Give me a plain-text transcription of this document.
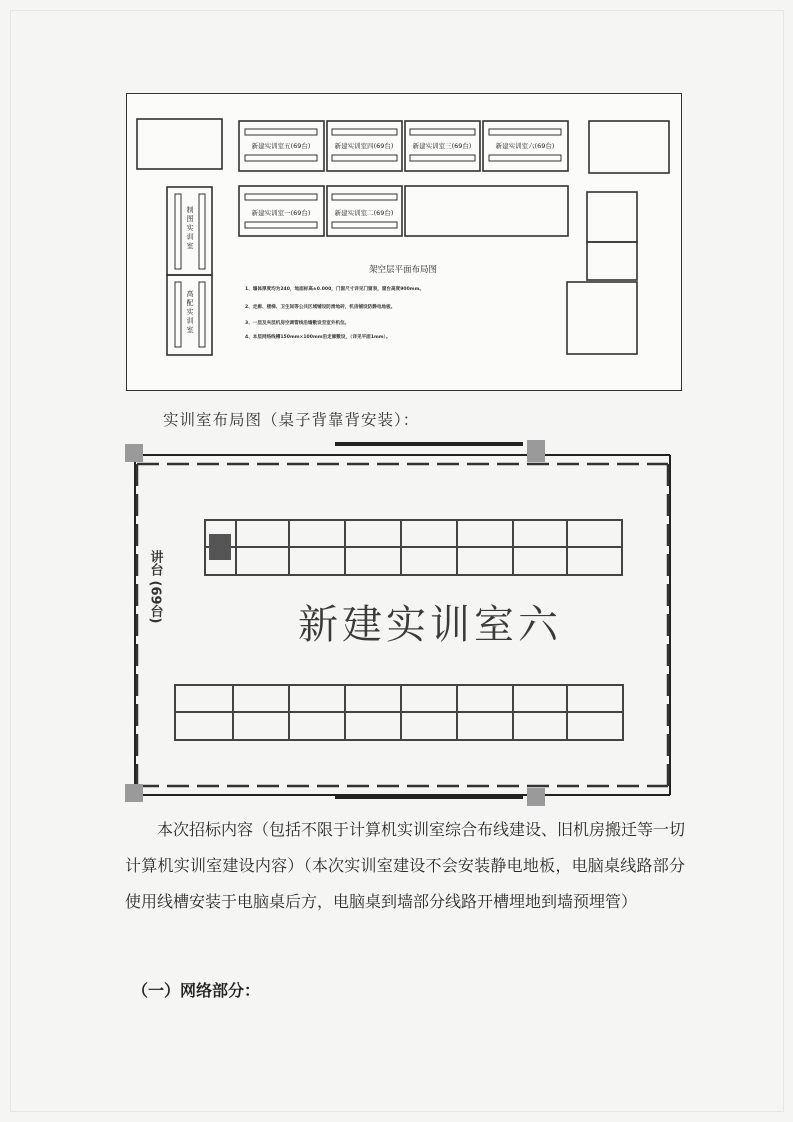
新建实训室五(69台)	新建实训室四(69台)	新建实训室三(69台)	新建实训室六(69台)
新建实训室一(69台)	新建实训室二(69台)
制图实训室
高配实训室
架空层平面布局图
1、墙体厚度均为240，地面标高±0.000，门窗尺寸详见门窗表，窗台高度900mm。
2、走廊、楼梯、卫生间等公共区域铺设防滑地砖，机房铺设防静电地板。
3、一层及夹层机房空调管线沿墙敷设至室外机位。
4、本层网络线槽150mm×100mm沿走廊敷设，（详见平面1mm）。
实训室布局图（桌子背靠背安装）：
新建实训室六
讲台 (69台)
本次招标内容（包括不限于计算机实训室综合布线建设、旧机房搬迁等一切计算机实训室建设内容）（本次实训室建设不会安装静电地板，电脑桌线路部分使用线槽安装于电脑桌后方，电脑桌到墙部分线路开槽埋地到墙预埋管）
（一）网络部分：
